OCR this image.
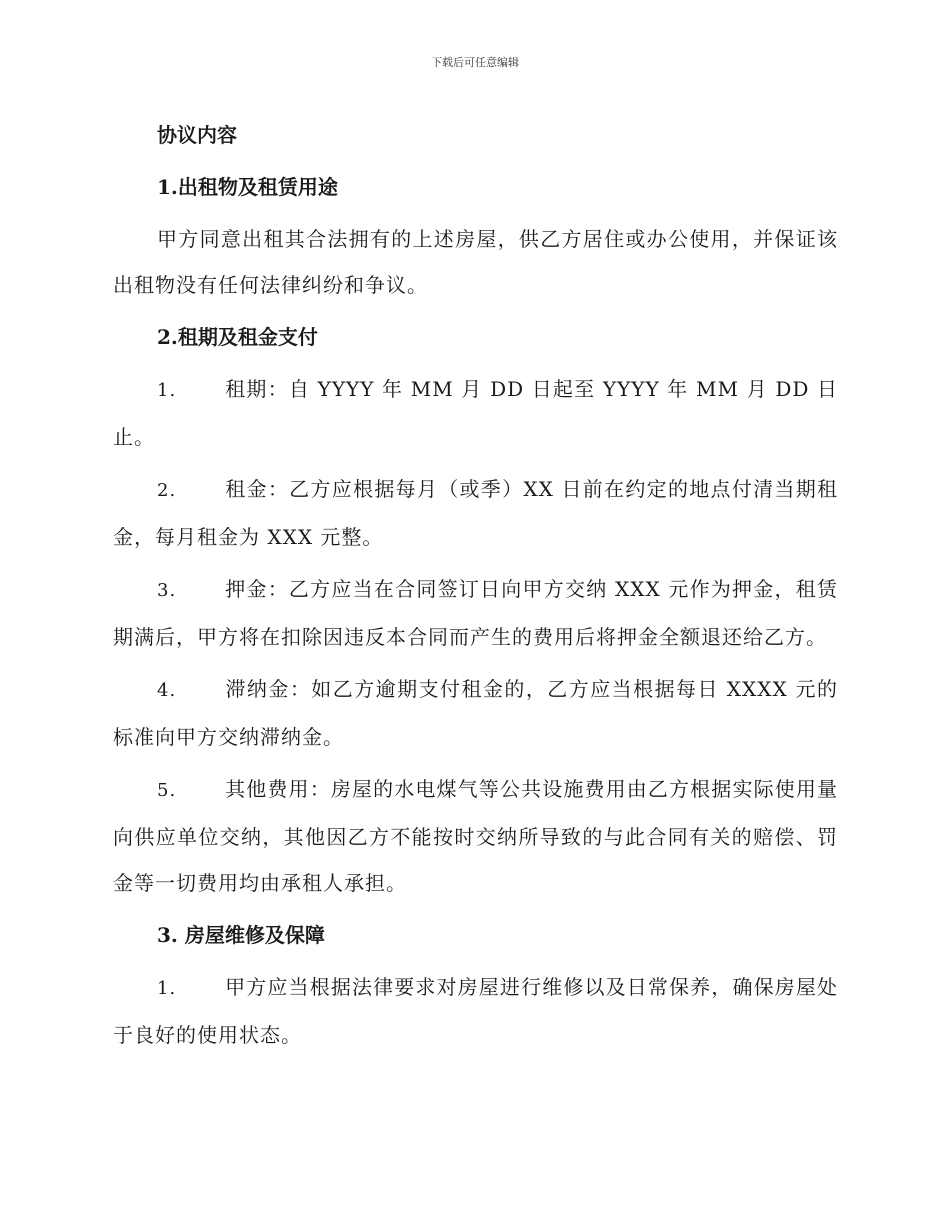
下载后可任意编辑
协议内容
1.出租物及租赁用途

甲方同意出租其合法拥有的上述房屋，供乙方居住或办公使用，并保证该出租物没有任何法律纠纷和争议。

2.租期及租金支付

1. 租期：自 YYYY 年 MM 月 DD 日起至 YYYY 年 MM 月 DD 日止。

2. 租金：乙方应根据每月（或季）XX 日前在约定的地点付清当期租金，每月租金为 XXX 元整。

3. 押金：乙方应当在合同签订日向甲方交纳 XXX 元作为押金，租赁期满后，甲方将在扣除因违反本合同而产生的费用后将押金全额退还给乙方。

4. 滞纳金：如乙方逾期支付租金的，乙方应当根据每日 XXXX 元的标准向甲方交纳滞纳金。

5. 其他费用：房屋的水电煤气等公共设施费用由乙方根据实际使用量向供应单位交纳，其他因乙方不能按时交纳所导致的与此合同有关的赔偿、罚金等一切费用均由承租人承担。

3. 房屋维修及保障

1. 甲方应当根据法律要求对房屋进行维修以及日常保养，确保房屋处于良好的使用状态。
